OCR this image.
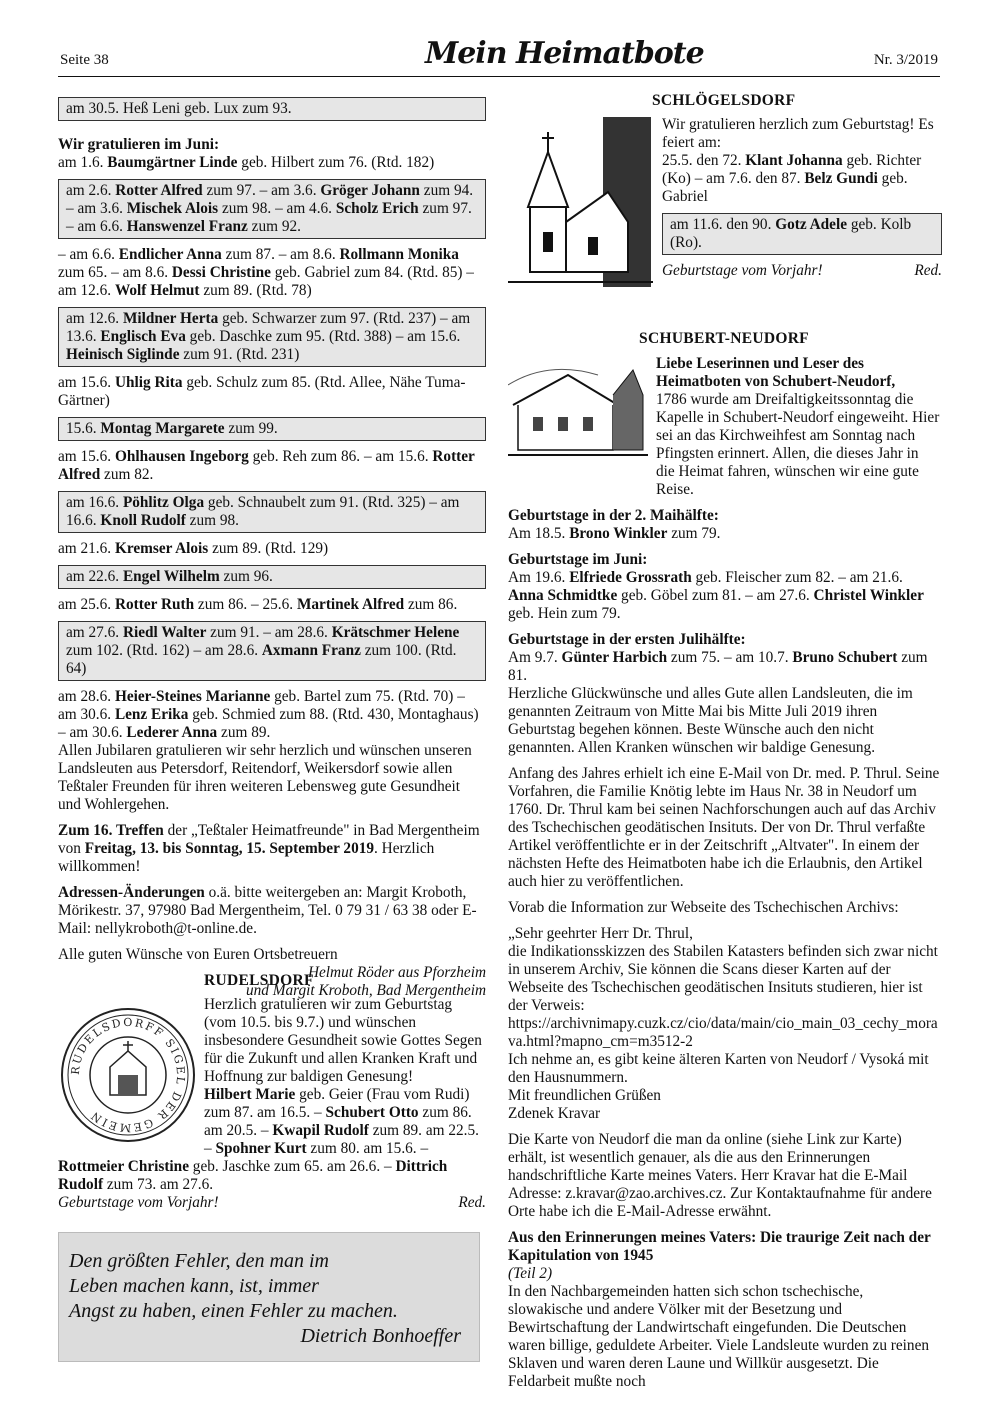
Seite 38	Mein Heimatbote	Nr. 3/2019
am 30.5. Heß Leni geb. Lux zum 93.

Wir gratulieren im Juni:

am 1.6. Baumgärtner Linde geb. Hilbert zum 76. (Rtd. 182)

am 2.6. Rotter Alfred zum 97. – am 3.6. Gröger Johann zum 94. – am 3.6. Mischek Alois zum 98. – am 4.6. Scholz Erich zum 97. – am 6.6. Hanswenzel Franz zum 92.

– am 6.6. Endlicher Anna zum 87. – am 8.6. Rollmann Monika zum 65. – am 8.6. Dessi Christine geb. Gabriel zum 84. (Rtd. 85) – am 12.6. Wolf Helmut zum 89. (Rtd. 78)

am 12.6. Mildner Herta geb. Schwarzer zum 97. (Rtd. 237) – am 13.6. Englisch Eva geb. Daschke zum 95. (Rtd. 388) – am 15.6. Heinisch Siglinde zum 91. (Rtd. 231)

am 15.6. Uhlig Rita geb. Schulz zum 85. (Rtd. Allee, Nähe Tuma-Gärtner)

15.6. Montag Margarete zum 99.

am 15.6. Ohlhausen Ingeborg geb. Reh zum 86. – am 15.6. Rotter Alfred zum 82.

am 16.6. Pöhlitz Olga geb. Schnaubelt zum 91. (Rtd. 325) – am 16.6. Knoll Rudolf zum 98.

am 21.6. Kremser Alois zum 89. (Rtd. 129)

am 22.6. Engel Wilhelm zum 96.

am 25.6. Rotter Ruth zum 86. – 25.6. Martinek Alfred zum 86.

am 27.6. Riedl Walter zum 91. – am 28.6. Krätschmer Helene zum 102. (Rtd. 162) – am 28.6. Axmann Franz zum 100. (Rtd. 64)

am 28.6. Heier-Steines Marianne geb. Bartel zum 75. (Rtd. 70) – am 30.6. Lenz Erika geb. Schmied zum 88. (Rtd. 430, Montaghaus) – am 30.6. Lederer Anna zum 89.
Allen Jubilaren gratulieren wir sehr herzlich und wünschen unseren Landsleuten aus Petersdorf, Reitendorf, Weikersdorf sowie allen Teßtaler Freunden für ihren weiteren Lebensweg gute Gesundheit und Wohlergehen.

Zum 16. Treffen der „Teßtaler Heimatfreunde" in Bad Mergentheim von Freitag, 13. bis Sonntag, 15. September 2019. Herzlich willkommen!

Adressen-Änderungen o.ä. bitte weitergeben an: Margit Kroboth, Mörikestr. 37, 97980 Bad Mergentheim, Tel. 0 79 31 / 63 38 oder E-Mail: nellykroboth@t-online.de.

Alle guten Wünsche von Euren Ortsbetreuern

Helmut Röder aus Pforzheim

und Margit Kroboth, Bad Mergentheim

RUDELSDORF
RUDELSDORFF SIGEL DER GEMEIN
Herzlich gratulieren wir zum Geburtstag (vom 10.5. bis 9.7.) und wünschen insbesondere Gesundheit sowie Gottes Segen für die Zukunft und allen Kranken Kraft und Hoffnung zur baldigen Genesung!
Hilbert Marie geb. Geier (Frau vom Rudi) zum 87. am 16.5. – Schubert Otto zum 86. am 20.5. – Kwapil Rudolf zum 89. am 22.5. – Spohner Kurt zum 80. am 15.6. –
Rottmeier Christine geb. Jaschke zum 65. am 26.6. – Dittrich Rudolf zum 73. am 27.6.
Geburtstage vom Vorjahr!	Red.
Den größten Fehler, den man im
Leben machen kann, ist, immer
Angst zu haben, einen Fehler zu machen.
Dietrich Bonhoeffer
SCHLÖGELSDORF

Wir gratulieren herzlich zum Geburtstag! Es feiert am:

25.5. den 72. Klant Johanna geb. Richter (Ko) – am 7.6. den 87. Belz Gundi geb. Gabriel

am 11.6. den 90. Gotz Adele geb. Kolb (Ro).
Geburtstage vom Vorjahr!	Red.
SCHUBERT-NEUDORF
Liebe Leserinnen und Leser des Heimatboten von Schubert-Neudorf,

1786 wurde am Dreifaltigkeitssonntag die Kapelle in Schubert-Neudorf eingeweiht. Hier sei an das Kirchweihfest am Sonntag nach Pfingsten erinnert. Allen, die dieses Jahr in die Heimat fahren, wünschen wir eine gute Reise.

Geburtstage in der 2. Maihälfte:

Am 18.5. Brono Winkler zum 79.

Geburtstage im Juni:

Am 19.6. Elfriede Grossrath geb. Fleischer zum 82. – am 21.6. Anna Schmidtke geb. Göbel zum 81. – am 27.6. Christel Winkler geb. Hein zum 79.

Geburtstage in der ersten Julihälfte:

Am 9.7. Günter Harbich zum 75. – am 10.7. Bruno Schubert zum 81.

Herzliche Glückwünsche und alles Gute allen Landsleuten, die im genannten Zeitraum von Mitte Mai bis Mitte Juli 2019 ihren Geburtstag begehen können. Beste Wünsche auch den nicht genannten. Allen Kranken wünschen wir baldige Genesung.

Anfang des Jahres erhielt ich eine E-Mail von Dr. med. P. Thrul. Seine Vorfahren, die Familie Knötig lebte im Haus Nr. 38 in Neudorf um 1760. Dr. Thrul kam bei seinen Nachforschungen auch auf das Archiv des Tschechischen geodätischen Insituts. Der von Dr. Thrul verfaßte Artikel veröffentlichte er in der Zeitschrift „Altvater". In einem der nächsten Hefte des Heimatboten habe ich die Erlaubnis, den Artikel auch hier zu veröffentlichen.

Vorab die Information zur Webseite des Tschechischen Archivs:

„Sehr geehrter Herr Dr. Thrul,

die Indikationsskizzen des Stabilen Katasters befinden sich zwar nicht in unserem Archiv, Sie können die Scans dieser Karten auf der Webseite des Tschechischen geodätischen Insituts studieren, hier ist der Verweis:

https://archivnimapy.cuzk.cz/cio/data/main/cio_main_03_cechy_morava.html?mapno_cm=m3512-2

Ich nehme an, es gibt keine älteren Karten von Neudorf / Vysoká mit den Hausnummern.

Mit freundlichen Grüßen

Zdenek Kravar

Die Karte von Neudorf die man da online (siehe Link zur Karte) erhält, ist wesentlich genauer, als die aus den Erinnerungen handschriftliche Karte meines Vaters. Herr Kravar hat die E-Mail Adresse: z.kravar@zao.archives.cz. Zur Kontaktaufnahme für andere Orte habe ich die E-Mail-Adresse erwähnt.

Aus den Erinnerungen meines Vaters: Die traurige Zeit nach der Kapitulation von 1945

(Teil 2)

In den Nachbargemeinden hatten sich schon tschechische, slowakische und andere Völker mit der Besetzung und Bewirtschaftung der Landwirtschaft eingefunden. Die Deutschen waren billige, geduldete Arbeiter. Viele Landsleute wurden zu reinen Sklaven und waren deren Laune und Willkür ausgesetzt. Die Feldarbeit mußte noch
